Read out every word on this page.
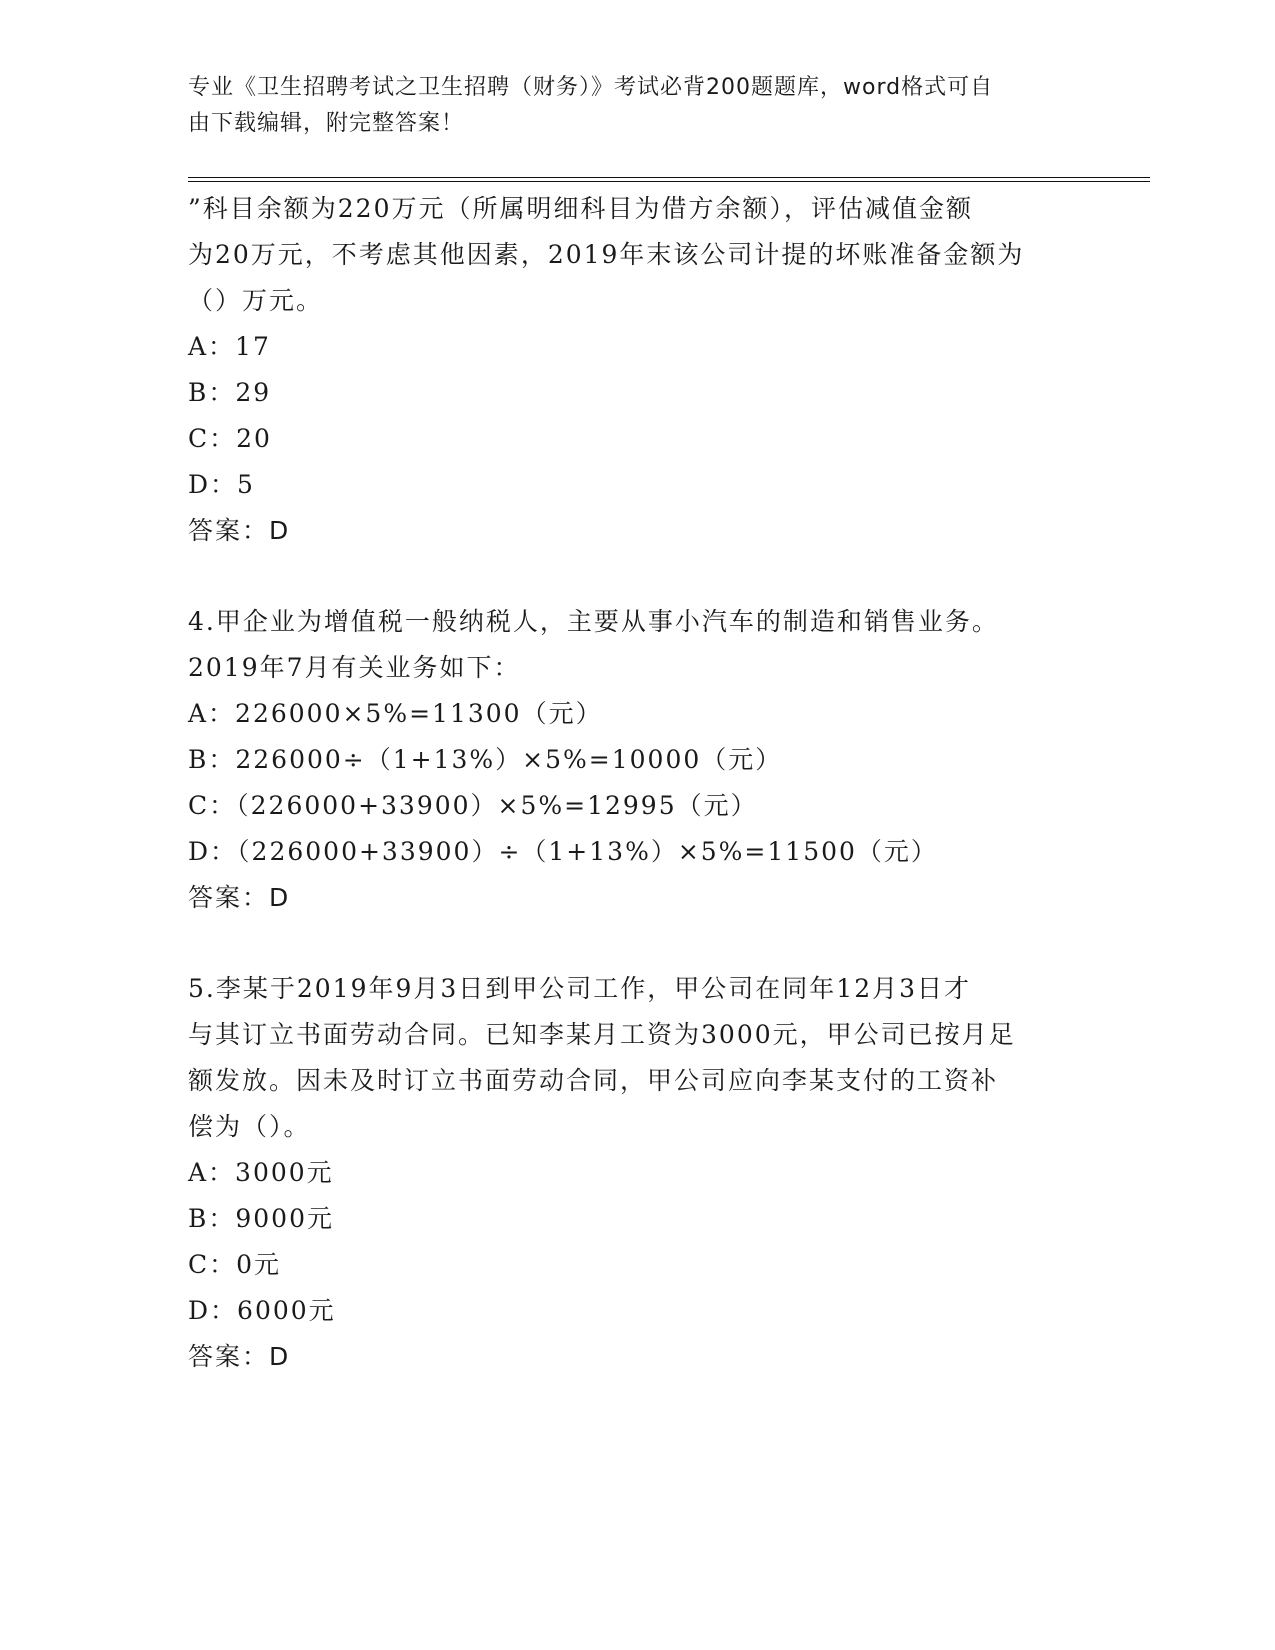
专业《卫生招聘考试之卫生招聘（财务）》考试必背200题题库，word格式可自
由下载编辑，附完整答案！
”科目余额为220万元（所属明细科目为借方余额），评估减值金额
为20万元，不考虑其他因素，2019年末该公司计提的坏账准备金额为
（）万元。
A：17
B：29
C：20
D：5
答案：D
4.甲企业为增值税一般纳税人，主要从事小汽车的制造和销售业务。
2019年7月有关业务如下：
A：226000×5%=11300（元）
B：226000÷（1+13%）×5%=10000（元）
C：（226000+33900）×5%=12995（元）
D：（226000+33900）÷（1+13%）×5%=11500（元）
答案：D
5.李某于2019年9月3日到甲公司工作，甲公司在同年12月3日才
与其订立书面劳动合同。已知李某月工资为3000元，甲公司已按月足
额发放。因未及时订立书面劳动合同，甲公司应向李某支付的工资补
偿为（）。
A：3000元
B：9000元
C：0元
D：6000元
答案：D
